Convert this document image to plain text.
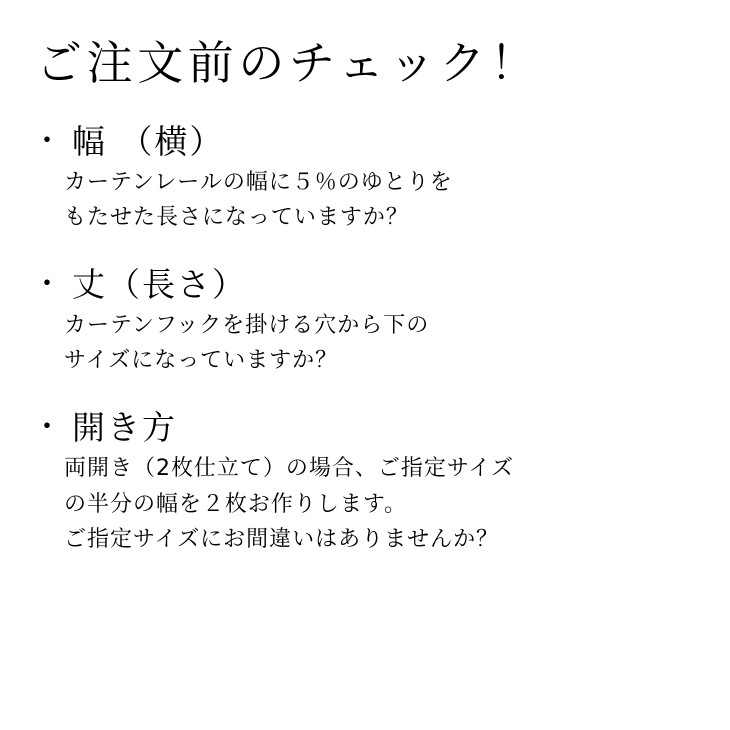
ご注文前のチェック！
・ 幅 （横）
カーテンレールの幅に５％のゆとりを
もたせた長さになっていますか？
・ 丈（長さ）
カーテンフックを掛ける穴から下の
サイズになっていますか？
・ 開き方
両開き（2枚仕立て）の場合、ご指定サイズ
の半分の幅を２枚お作りします。
ご指定サイズにお間違いはありませんか？
